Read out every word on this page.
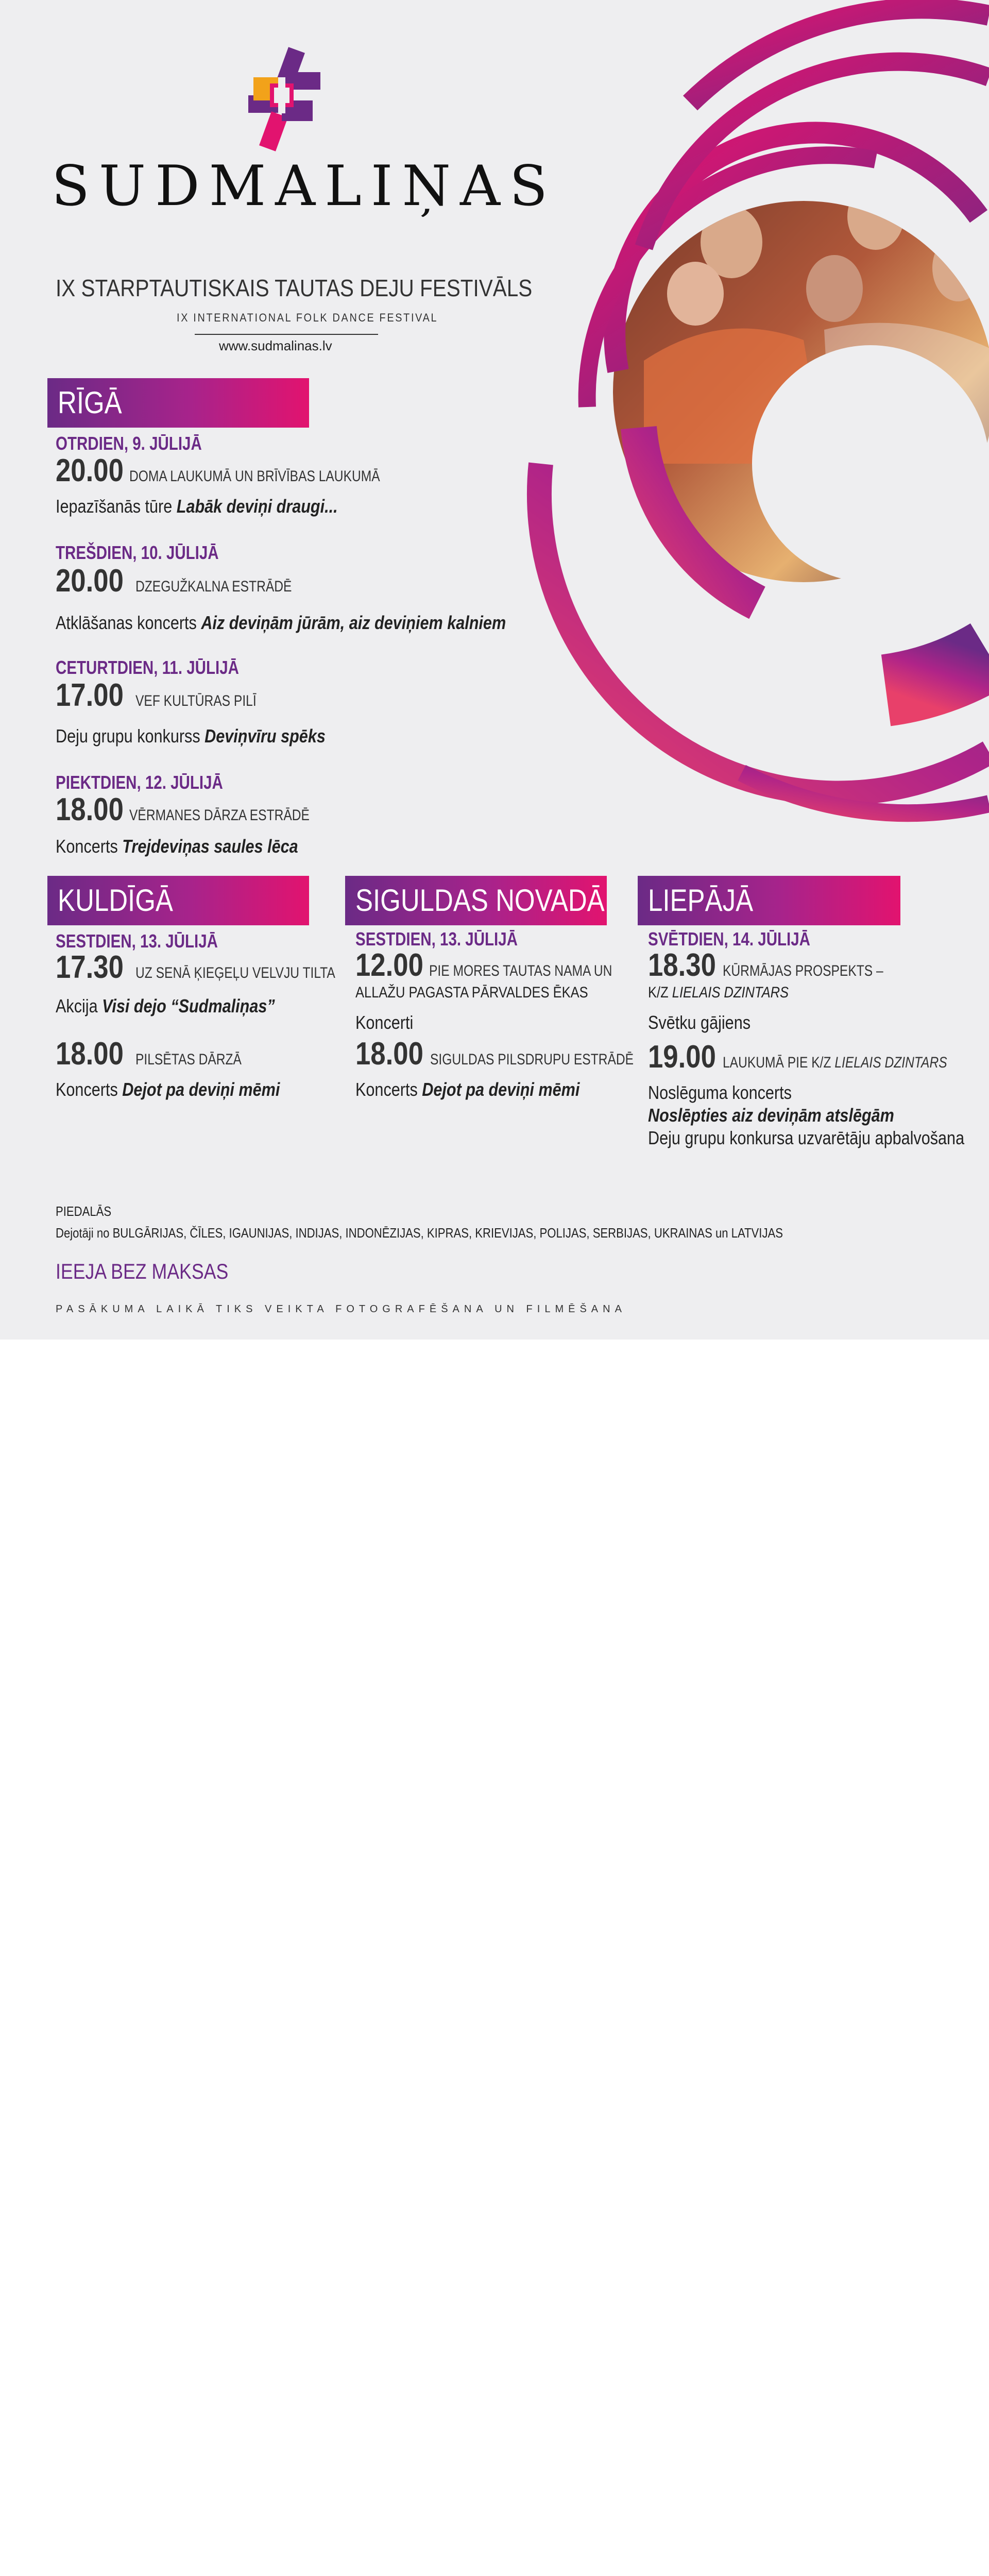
SUDMALIŅAS
IX STARPTAUTISKAIS TAUTAS DEJU FESTIVĀLS
IX INTERNATIONAL FOLK DANCE FESTIVAL
www.sudmalinas.lv
RĪGĀ
OTRDIEN, 9. JŪLIJĀ
20.00 DOMA LAUKUMĀ UN BRĪVĪBAS LAUKUMĀ
Iepazīšanās tūre Labāk deviņi draugi...
TREŠDIEN, 10. JŪLIJĀ
20.00 DZEGUŽKALNA ESTRĀDĒ
Atklāšanas koncerts Aiz deviņām jūrām, aiz deviņiem kalniem
CETURTDIEN, 11. JŪLIJĀ
17.00 VEF KULTŪRAS PILĪ
Deju grupu konkurss Deviņvīru spēks
PIEKTDIEN, 12. JŪLIJĀ
18.00 VĒRMANES DĀRZA ESTRĀDĒ
Koncerts Trejdeviņas saules lēca
KULDĪGĀ
SESTDIEN, 13. JŪLIJĀ
17.30 UZ SENĀ ĶIEĢEĻU VELVJU TILTA
Akcija Visi dejo “Sudmaliņas”
18.00 PILSĒTAS DĀRZĀ
Koncerts Dejot pa deviņi mēmi
SIGULDAS NOVADĀ
SESTDIEN, 13. JŪLIJĀ
12.00 PIE MORES TAUTAS NAMA UN
ALLAŽU PAGASTA PĀRVALDES ĒKAS
Koncerti
18.00 SIGULDAS PILSDRUPU ESTRĀDĒ
Koncerts Dejot pa deviņi mēmi
LIEPĀJĀ
SVĒTDIEN, 14. JŪLIJĀ
18.30 KŪRMĀJAS PROSPEKTS –
K/Z LIELAIS DZINTARS
Svētku gājiens
19.00 LAUKUMĀ PIE K/Z LIELAIS DZINTARS
Noslēguma koncerts
Noslēpties aiz deviņām atslēgām
Deju grupu konkursa uzvarētāju apbalvošana
PIEDALĀS
Dejotāji no BULGĀRIJAS, ČĪLES, IGAUNIJAS, INDIJAS, INDONĒZIJAS, KIPRAS, KRIEVIJAS, POLIJAS, SERBIJAS, UKRAINAS un LATVIJAS
IEEJA BEZ MAKSAS
PASĀKUMA LAIKĀ TIKS VEIKTA FOTOGRAFĒŠANA UN FILMĒŠANA
